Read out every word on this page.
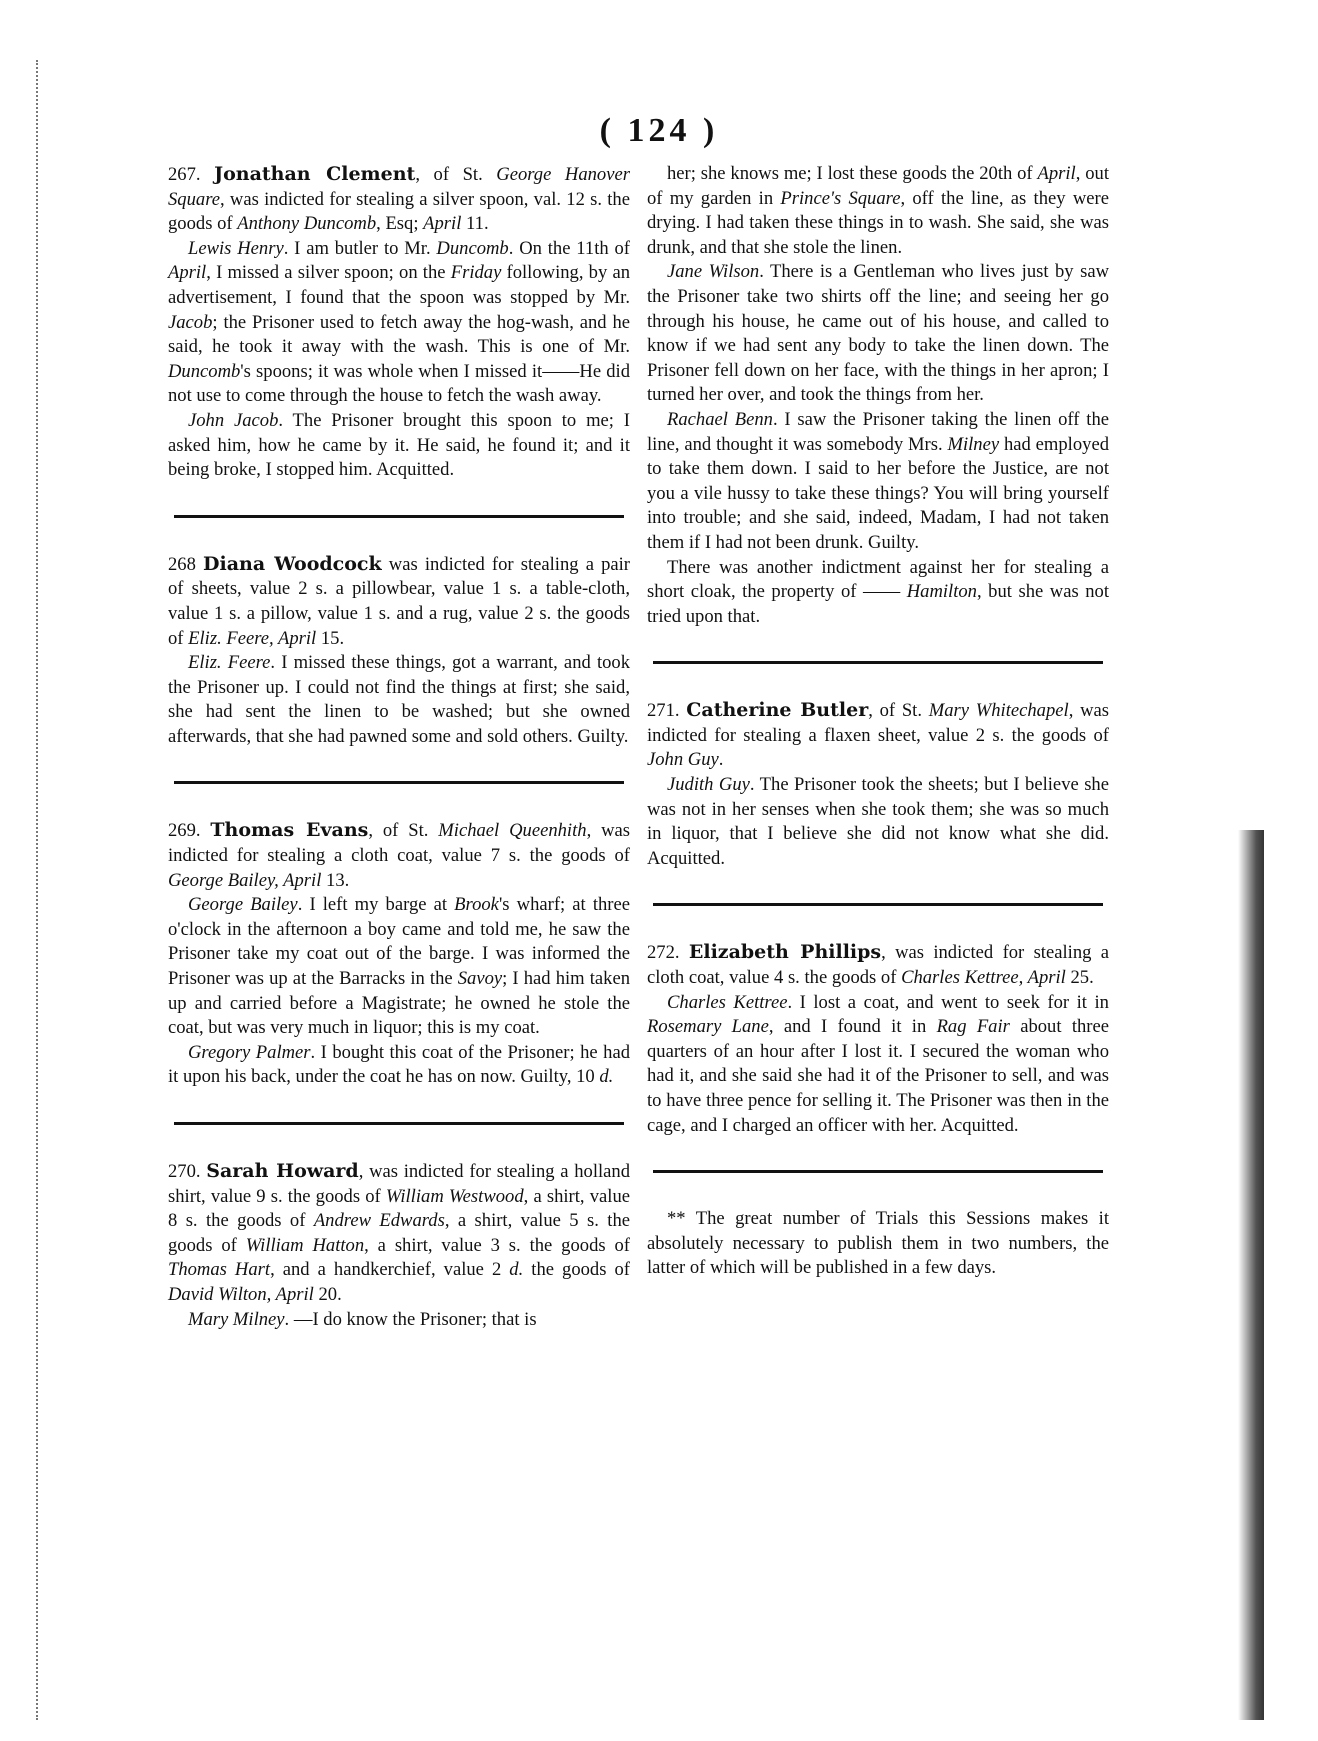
( 124 )

267. Jonathan Clement, of St. George Hanover Square, was indicted for stealing a silver spoon, val. 12 s. the goods of Anthony Duncomb, Esq; April 11.

Lewis Henry. I am butler to Mr. Duncomb. On the 11th of April, I missed a silver spoon; on the Friday following, by an advertisement, I found that the spoon was stopped by Mr. Jacob; the Prisoner used to fetch away the hog-wash, and he said, he took it away with the wash. This is one of Mr. Duncomb's spoons; it was whole when I missed it——He did not use to come through the house to fetch the wash away.

John Jacob. The Prisoner brought this spoon to me; I asked him, how he came by it. He said, he found it; and it being broke, I stopped him. Acquitted.

268 Diana Woodcock was indicted for stealing a pair of sheets, value 2 s. a pillowbear, value 1 s. a table-cloth, value 1 s. a pillow, value 1 s. and a rug, value 2 s. the goods of Eliz. Feere, April 15.

Eliz. Feere. I missed these things, got a warrant, and took the Prisoner up. I could not find the things at first; she said, she had sent the linen to be washed; but she owned afterwards, that she had pawned some and sold others. Guilty.

269. Thomas Evans, of St. Michael Queenhith, was indicted for stealing a cloth coat, value 7 s. the goods of George Bailey, April 13.

George Bailey. I left my barge at Brook's wharf; at three o'clock in the afternoon a boy came and told me, he saw the Prisoner take my coat out of the barge. I was informed the Prisoner was up at the Barracks in the Savoy; I had him taken up and carried before a Magistrate; he owned he stole the coat, but was very much in liquor; this is my coat.

Gregory Palmer. I bought this coat of the Prisoner; he had it upon his back, under the coat he has on now. Guilty, 10 d.

270. Sarah Howard, was indicted for stealing a holland shirt, value 9 s. the goods of William Westwood, a shirt, value 8 s. the goods of Andrew Edwards, a shirt, value 5 s. the goods of William Hatton, a shirt, value 3 s. the goods of Thomas Hart, and a handkerchief, value 2 d. the goods of David Wilton, April 20.

Mary Milney. —I do know the Prisoner; that is

her; she knows me; I lost these goods the 20th of April, out of my garden in Prince's Square, off the line, as they were drying. I had taken these things in to wash. She said, she was drunk, and that she stole the linen.

Jane Wilson. There is a Gentleman who lives just by saw the Prisoner take two shirts off the line; and seeing her go through his house, he came out of his house, and called to know if we had sent any body to take the linen down. The Prisoner fell down on her face, with the things in her apron; I turned her over, and took the things from her.

Rachael Benn. I saw the Prisoner taking the linen off the line, and thought it was somebody Mrs. Milney had employed to take them down. I said to her before the Justice, are not you a vile hussy to take these things? You will bring yourself into trouble; and she said, indeed, Madam, I had not taken them if I had not been drunk. Guilty.

There was another indictment against her for stealing a short cloak, the property of —— Hamilton, but she was not tried upon that.

271. Catherine Butler, of St. Mary Whitechapel, was indicted for stealing a flaxen sheet, value 2 s. the goods of John Guy.

Judith Guy. The Prisoner took the sheets; but I believe she was not in her senses when she took them; she was so much in liquor, that I believe she did not know what she did. Acquitted.

272. Elizabeth Phillips, was indicted for stealing a cloth coat, value 4 s. the goods of Charles Kettree, April 25.

Charles Kettree. I lost a coat, and went to seek for it in Rosemary Lane, and I found it in Rag Fair about three quarters of an hour after I lost it. I secured the woman who had it, and she said she had it of the Prisoner to sell, and was to have three pence for selling it. The Prisoner was then in the cage, and I charged an officer with her. Acquitted.

** The great number of Trials this Sessions makes it absolutely necessary to publish them in two numbers, the latter of which will be published in a few days.
